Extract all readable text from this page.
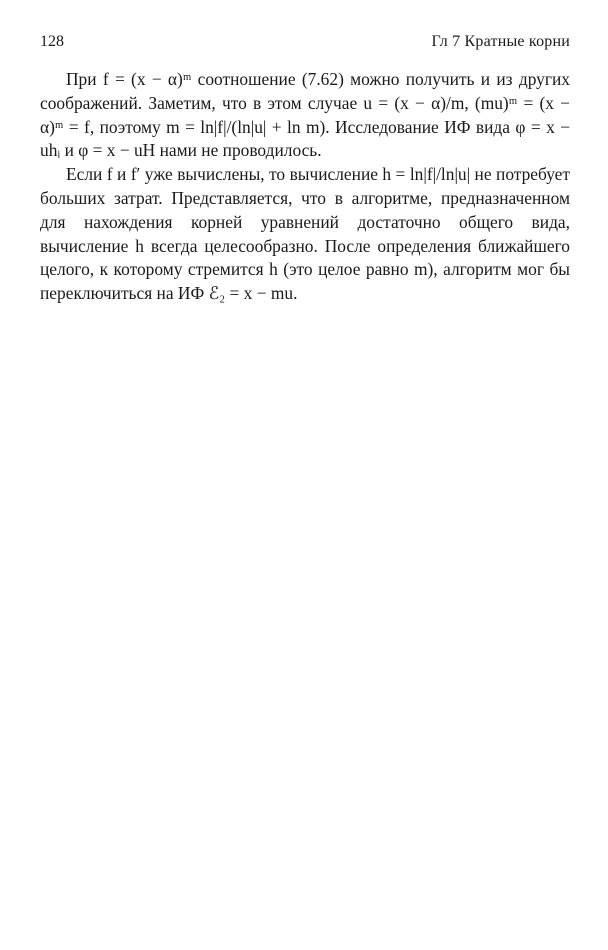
128	Гл 7 Кратные корни

При f = (x − α)ᵐ соотношение (7.62) можно получить и из других соображений. Заметим, что в этом случае u = (x − α)/m, (mu)ᵐ = (x − α)ᵐ = f, поэтому m = ln|f|/(ln|u| + ln m). Исследование ИФ вида φ = x − uhᵢ и φ = x − uH нами не проводилось.

Если f и f′ уже вычислены, то вычисление h = ln|f|/ln|u| не потребует больших затрат. Представляется, что в алгоритме, предназначенном для нахождения корней уравнений достаточно общего вида, вычисление h всегда целесообразно. После определения ближайшего целого, к которому стремится h (это целое равно m), алгоритм мог бы переключиться на ИФ ℰ₂ = x − mu.
